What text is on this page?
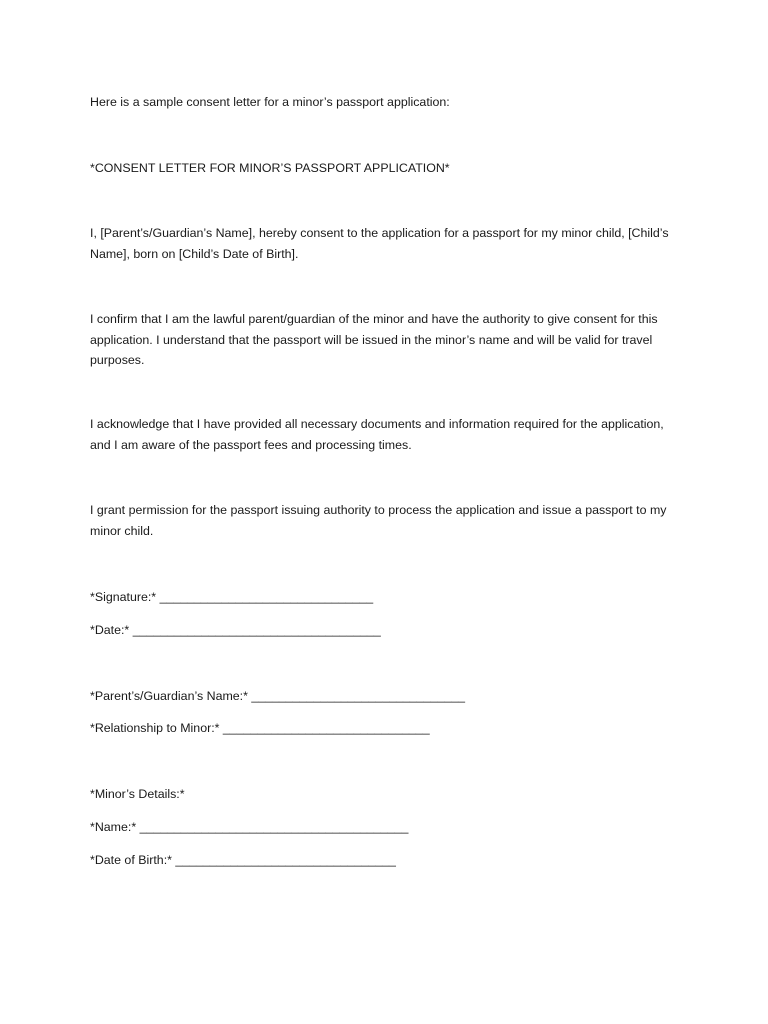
Here is a sample consent letter for a minor’s passport application:

*CONSENT LETTER FOR MINOR’S PASSPORT APPLICATION*

I, [Parent’s/Guardian’s Name], hereby consent to the application for a passport for my minor child, [Child’s Name], born on [Child’s Date of Birth].

I confirm that I am the lawful parent/guardian of the minor and have the authority to give consent for this application. I understand that the passport will be issued in the minor’s name and will be valid for travel purposes.

I acknowledge that I have provided all necessary documents and information required for the application, and I am aware of the passport fees and processing times.

I grant permission for the passport issuing authority to process the application and issue a passport to my minor child.

*Signature:* _______________________________

*Date:* ____________________________________

*Parent’s/Guardian’s Name:* _______________________________

*Relationship to Minor:* ______________________________

*Minor’s Details:*

*Name:* _______________________________________

*Date of Birth:* ________________________________
